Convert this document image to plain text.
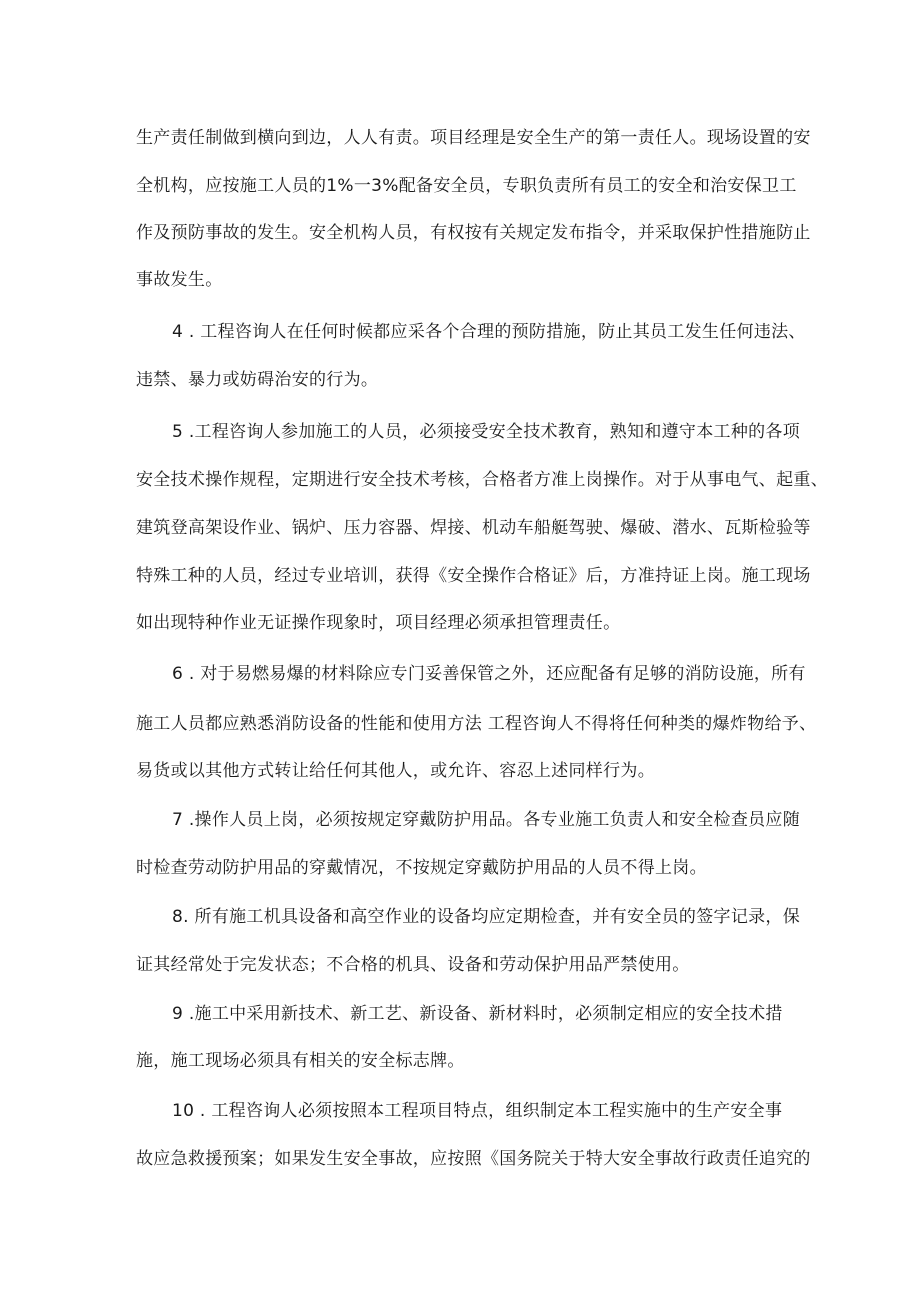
生产责任制做到横向到边，人人有责。项目经理是安全生产的第一责任人。现场设置的安
全机构，应按施工人员的1%一3%配备安全员，专职负责所有员工的安全和治安保卫工
作及预防事故的发生。安全机构人员，有权按有关规定发布指令，并采取保护性措施防止
事故发生。
4 . 工程咨询人在任何时候都应采各个合理的预防措施，防止其员工发生任何违法、
违禁、暴力或妨碍治安的行为。
5 .工程咨询人参加施工的人员，必须接受安全技术教育，熟知和遵守本工种的各项
安全技术操作规程，定期进行安全技术考核，合格者方准上岗操作。对于从事电气、起重、
建筑登高架设作业、锅炉、压力容器、焊接、机动车船艇驾驶、爆破、潜水、瓦斯检验等
特殊工种的人员，经过专业培训，获得《安全操作合格证》后，方准持证上岗。施工现场
如出现特种作业无证操作现象时，项目经理必须承担管理责任。
6 . 对于易燃易爆的材料除应专门妥善保管之外，还应配备有足够的消防设施，所有
施工人员都应熟悉消防设备的性能和使用方法 工程咨询人不得将任何种类的爆炸物给予、
易货或以其他方式转让给任何其他人，或允许、容忍上述同样行为。
7 .操作人员上岗，必须按规定穿戴防护用品。各专业施工负责人和安全检查员应随
时检查劳动防护用品的穿戴情况，不按规定穿戴防护用品的人员不得上岗。
8. 所有施工机具设备和高空作业的设备均应定期检查，并有安全员的签字记录，保
证其经常处于完发状态；不合格的机具、设备和劳动保护用品严禁使用。
9 .施工中采用新技术、新工艺、新设备、新材料时，必须制定相应的安全技术措
施，施工现场必须具有相关的安全标志牌。
10 . 工程咨询人必须按照本工程项目特点，组织制定本工程实施中的生产安全事
故应急救援预案；如果发生安全事故，应按照《国务院关于特大安全事故行政责任追究的
